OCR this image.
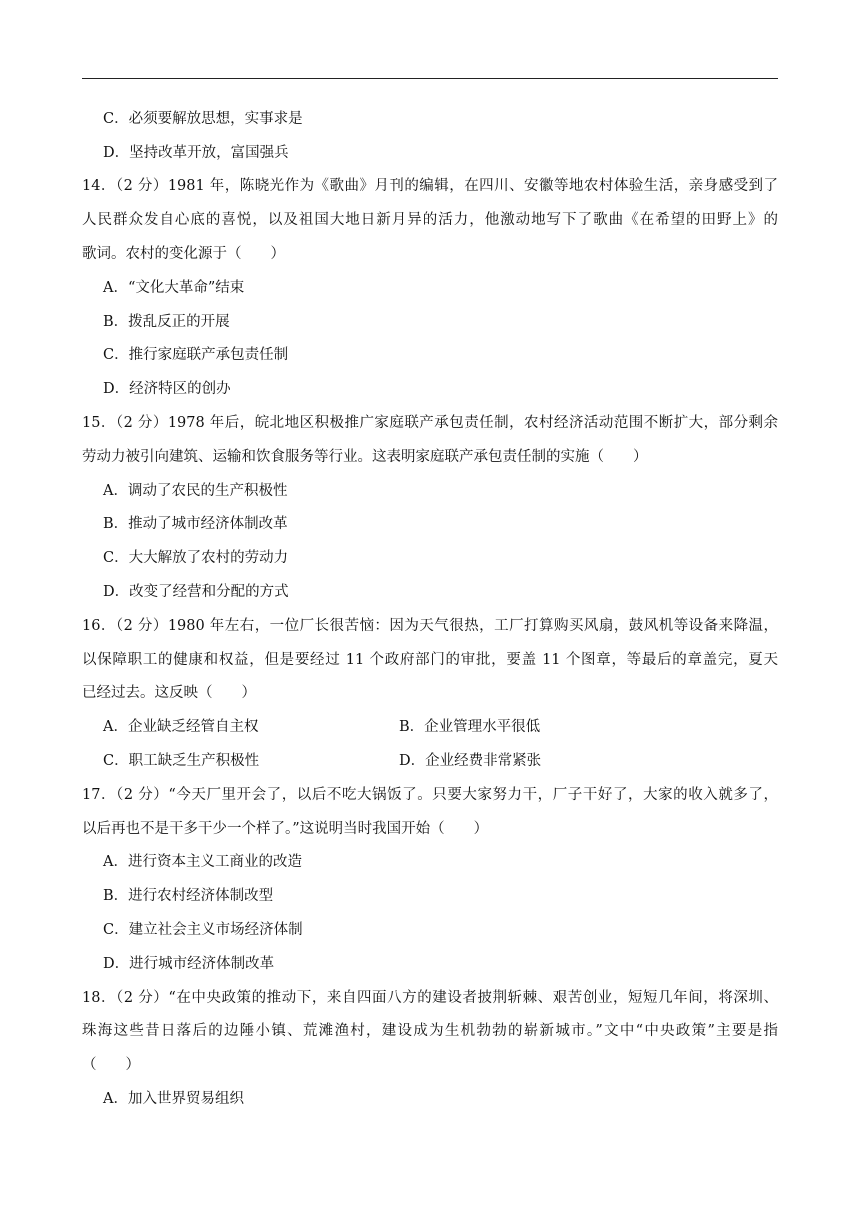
C．必须要解放思想，实事求是
D．坚持改革开放，富国强兵
14．（2 分）1981 年，陈晓光作为《歌曲》月刊的编辑，在四川、安徽等地农村体验生活，亲身感受到了
人民群众发自心底的喜悦，以及祖国大地日新月异的活力，他激动地写下了歌曲《在希望的田野上》的
歌词。农村的变化源于（　　）
A．“文化大革命”结束
B．拨乱反正的开展
C．推行家庭联产承包责任制
D．经济特区的创办
15．（2 分）1978 年后，皖北地区积极推广家庭联产承包责任制，农村经济活动范围不断扩大，部分剩余
劳动力被引向建筑、运输和饮食服务等行业。这表明家庭联产承包责任制的实施（　　）
A．调动了农民的生产积极性
B．推动了城市经济体制改革
C．大大解放了农村的劳动力
D．改变了经营和分配的方式
16．（2 分）1980 年左右，一位厂长很苦恼：因为天气很热，工厂打算购买风扇，鼓风机等设备来降温，
以保障职工的健康和权益，但是要经过 11 个政府部门的审批，要盖 11 个图章，等最后的章盖完，夏天
已经过去。这反映（　　）
A．企业缺乏经管自主权	B．企业管理水平很低
C．职工缺乏生产积极性	D．企业经费非常紧张
17．（2 分）“今天厂里开会了，以后不吃大锅饭了。只要大家努力干，厂子干好了，大家的收入就多了，
以后再也不是干多干少一个样了。”这说明当时我国开始（　　）
A．进行资本主义工商业的改造
B．进行农村经济体制改型
C．建立社会主义市场经济体制
D．进行城市经济体制改革
18．（2 分）“在中央政策的推动下，来自四面八方的建设者披荆斩棘、艰苦创业，短短几年间，将深圳、
珠海这些昔日落后的边陲小镇、荒滩渔村，建设成为生机勃勃的崭新城市。”文中“中央政策”主要是指
（　　）
A．加入世界贸易组织
